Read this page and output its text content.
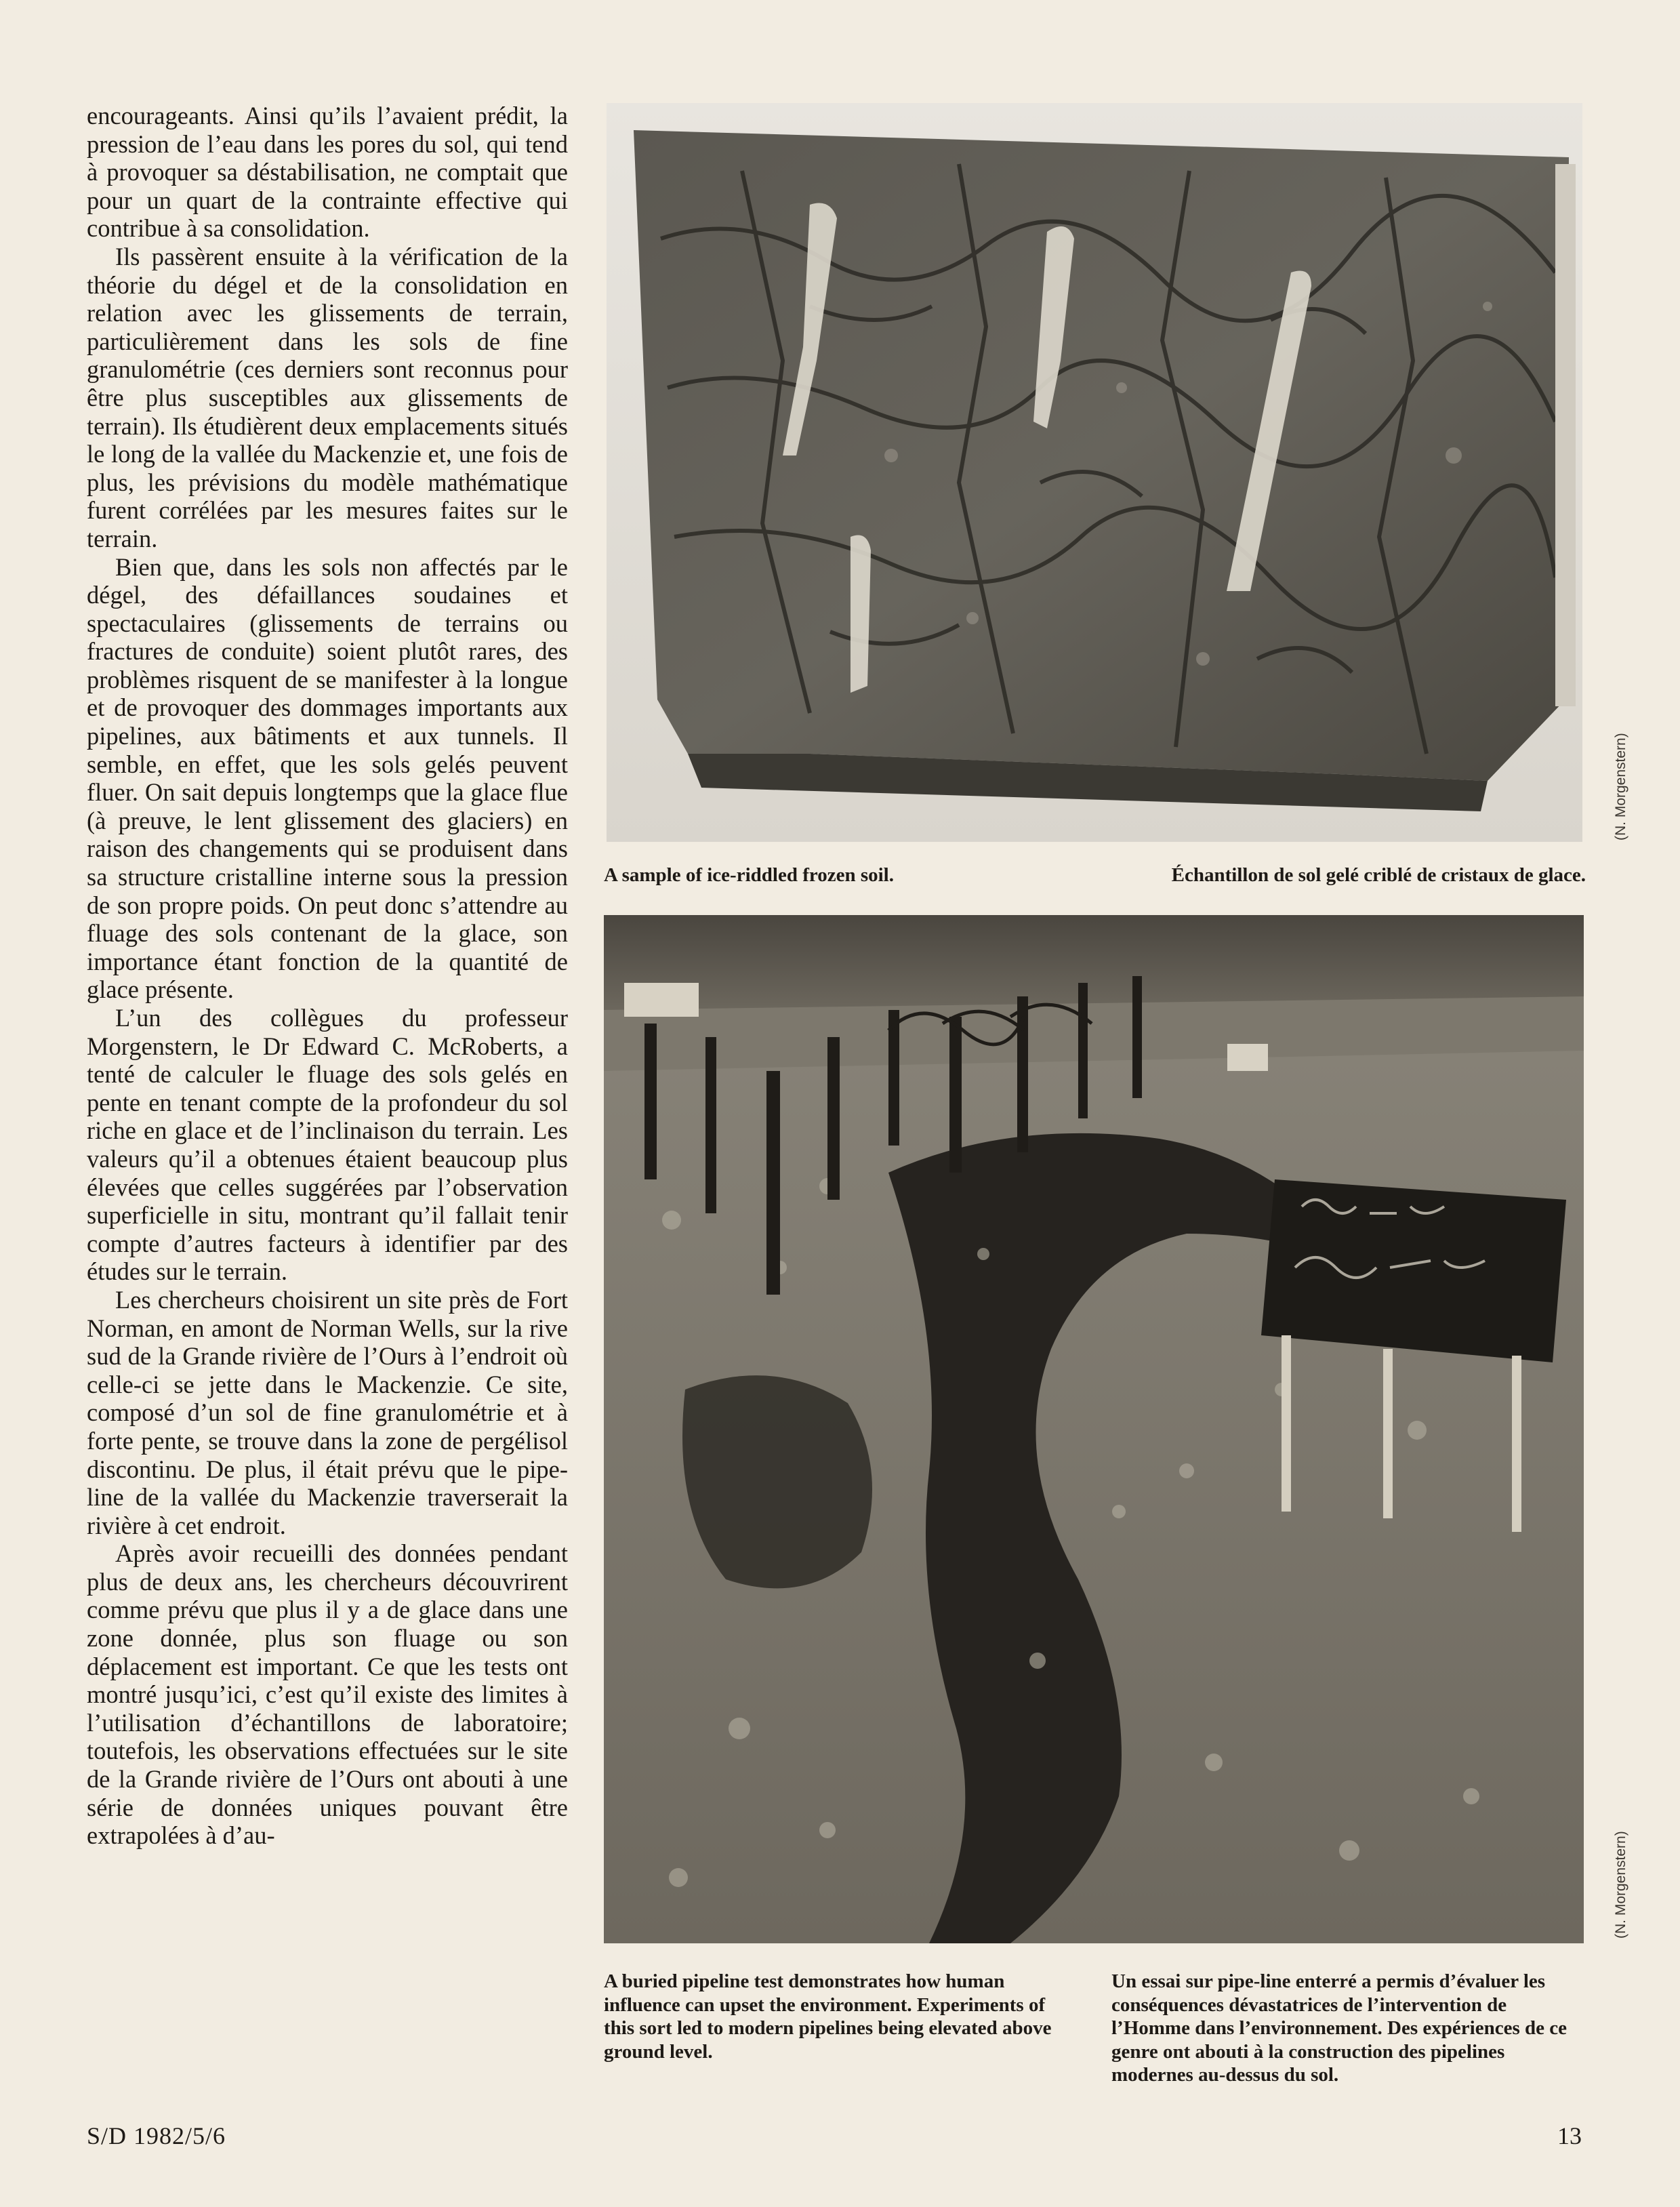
encourageants. Ainsi qu’ils l’avaient prédit, la pression de l’eau dans les pores du sol, qui tend à provoquer sa déstabilisation, ne comptait que pour un quart de la contrainte effective qui contribue à sa consolidation.

Ils passèrent ensuite à la vérification de la théorie du dégel et de la consolidation en relation avec les glissements de terrain, particulièrement dans les sols de fine granulométrie (ces derniers sont reconnus pour être plus susceptibles aux glissements de terrain). Ils étudièrent deux emplacements situés le long de la vallée du Mackenzie et, une fois de plus, les prévisions du modèle mathématique furent corrélées par les mesures faites sur le terrain.

Bien que, dans les sols non affectés par le dégel, des défaillances soudaines et spectaculaires (glissements de terrains ou fractures de conduite) soient plutôt rares, des problèmes risquent de se manifester à la longue et de provoquer des dommages importants aux pipelines, aux bâtiments et aux tunnels. Il semble, en effet, que les sols gelés peuvent fluer. On sait depuis longtemps que la glace flue (à preuve, le lent glissement des glaciers) en raison des changements qui se produisent dans sa structure cristalline interne sous la pression de son propre poids. On peut donc s’attendre au fluage des sols contenant de la glace, son importance étant fonction de la quantité de glace présente.

L’un des collègues du professeur Morgenstern, le Dr Edward C. McRoberts, a tenté de calculer le fluage des sols gelés en pente en tenant compte de la profondeur du sol riche en glace et de l’inclinaison du terrain. Les valeurs qu’il a obtenues étaient beaucoup plus élevées que celles suggérées par l’observation superficielle in situ, montrant qu’il fallait tenir compte d’autres facteurs à identifier par des études sur le terrain.

Les chercheurs choisirent un site près de Fort Norman, en amont de Norman Wells, sur la rive sud de la Grande rivière de l’Ours à l’endroit où celle-ci se jette dans le Mackenzie. Ce site, composé d’un sol de fine granulométrie et à forte pente, se trouve dans la zone de pergélisol discontinu. De plus, il était prévu que le pipe-line de la vallée du Mackenzie traverserait la rivière à cet endroit.

Après avoir recueilli des données pendant plus de deux ans, les chercheurs découvrirent comme prévu que plus il y a de glace dans une zone donnée, plus son fluage ou son déplacement est important. Ce que les tests ont montré jusqu’ici, c’est qu’il existe des limites à l’utilisation d’échantillons de laboratoire; toutefois, les observations effectuées sur le site de la Grande rivière de l’Ours ont abouti à une série de données uniques pouvant être extrapolées à d’au-

(N. Morgenstern)
A sample of ice-riddled frozen soil.	Échantillon de sol gelé criblé de cristaux de glace.
(N. Morgenstern)
A buried pipeline test demonstrates how human influence can upset the environment. Experiments of this sort led to modern pipelines being elevated above ground level.
Un essai sur pipe-line enterré a permis d’évaluer les conséquences dévastatrices de l’intervention de l’Homme dans l’environnement. Des expériences de ce genre ont abouti à la construction des pipelines modernes au-dessus du sol.
S/D 1982/5/6	13
